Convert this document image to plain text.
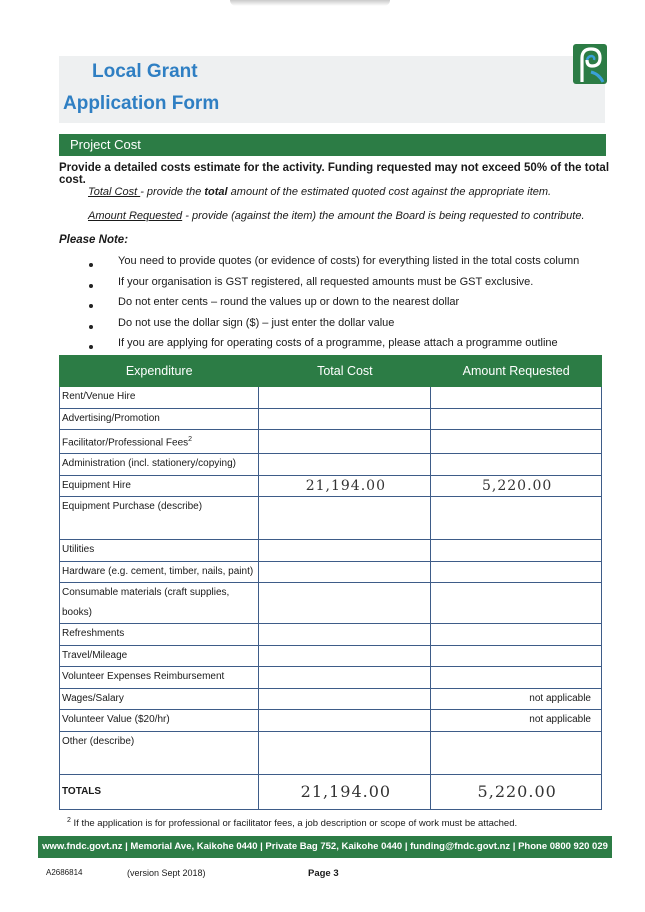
Local Grant
Application Form
Project Cost
Provide a detailed costs estimate for the activity. Funding requested may not exceed 50% of the total cost.
Total Cost - provide the total amount of the estimated quoted cost against the appropriate item.
Amount Requested - provide (against the item) the amount the Board is being requested to contribute.
Please Note:
You need to provide quotes (or evidence of costs) for everything listed in the total costs column
If your organisation is GST registered, all requested amounts must be GST exclusive.
Do not enter cents – round the values up or down to the nearest dollar
Do not use the dollar sign ($) – just enter the dollar value
If you are applying for operating costs of a programme, please attach a programme outline
Expenditure	Total Cost	Amount Requested
Rent/Venue Hire		
Advertising/Promotion		
Facilitator/Professional Fees$^2$		
Administration (incl. stationery/copying)		
Equipment Hire	21,194.00	5,220.00
Equipment Purchase (describe)		
Utilities		
Hardware (e.g. cement, timber, nails, paint)		
Consumable materials (craft supplies, books)		
Refreshments		
Travel/Mileage		
Volunteer Expenses Reimbursement		
Wages/Salary		not applicable
Volunteer Value ($20/hr)		not applicable
Other (describe)		
TOTALS	21,194.00	5,220.00
$^2$ If the application is for professional or facilitator fees, a job description or scope of work must be attached.
www.fndc.govt.nz | Memorial Ave, Kaikohe 0440 | Private Bag 752, Kaikohe 0440 | funding@fndc.govt.nz | Phone 0800 920 029
A2686814	(version Sept 2018)	Page 3
